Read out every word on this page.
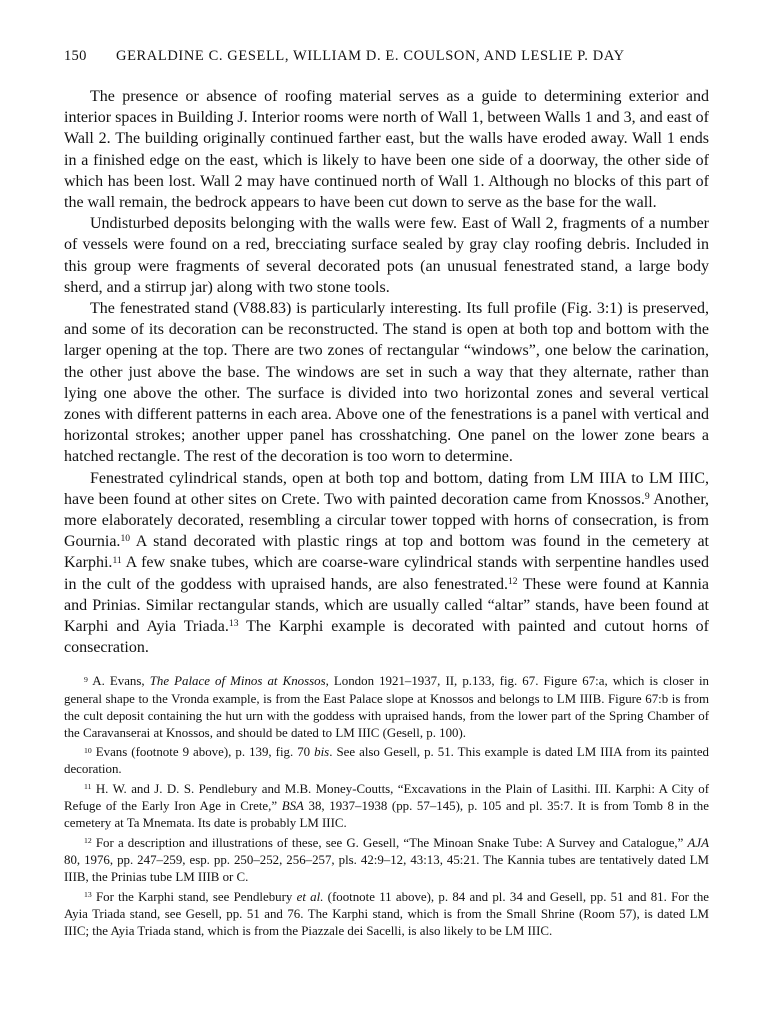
150	GERALDINE C. GESELL, WILLIAM D. E. COULSON, AND LESLIE P. DAY

The presence or absence of roofing material serves as a guide to determining exterior and interior spaces in Building J. Interior rooms were north of Wall 1, between Walls 1 and 3, and east of Wall 2. The building originally continued farther east, but the walls have eroded away. Wall 1 ends in a finished edge on the east, which is likely to have been one side of a doorway, the other side of which has been lost. Wall 2 may have continued north of Wall 1. Although no blocks of this part of the wall remain, the bedrock appears to have been cut down to serve as the base for the wall.

Undisturbed deposits belonging with the walls were few. East of Wall 2, fragments of a number of vessels were found on a red, brecciating surface sealed by gray clay roofing debris. Included in this group were fragments of several decorated pots (an unusual fenestrated stand, a large body sherd, and a stirrup jar) along with two stone tools.

The fenestrated stand (V88.83) is particularly interesting. Its full profile (Fig. 3:1) is preserved, and some of its decoration can be reconstructed. The stand is open at both top and bottom with the larger opening at the top. There are two zones of rectangular “windows”, one below the carination, the other just above the base. The windows are set in such a way that they alternate, rather than lying one above the other. The surface is divided into two horizontal zones and several vertical zones with different patterns in each area. Above one of the fenestrations is a panel with vertical and horizontal strokes; another upper panel has crosshatching. One panel on the lower zone bears a hatched rectangle. The rest of the decoration is too worn to determine.

Fenestrated cylindrical stands, open at both top and bottom, dating from LM IIIA to LM IIIC, have been found at other sites on Crete. Two with painted decoration came from Knossos.$^9$ Another, more elaborately decorated, resembling a circular tower topped with horns of consecration, is from Gournia.$^{10}$ A stand decorated with plastic rings at top and bottom was found in the cemetery at Karphi.$^{11}$ A few snake tubes, which are coarse-ware cylindrical stands with serpentine handles used in the cult of the goddess with upraised hands, are also fenestrated.$^{12}$ These were found at Kannia and Prinias. Similar rectangular stands, which are usually called “altar” stands, have been found at Karphi and Ayia Triada.$^{13}$ The Karphi example is decorated with painted and cutout horns of consecration.

$^9$ A. Evans, The Palace of Minos at Knossos, London 1921–1937, II, p.133, fig. 67. Figure 67:a, which is closer in general shape to the Vronda example, is from the East Palace slope at Knossos and belongs to LM IIIB. Figure 67:b is from the cult deposit containing the hut urn with the goddess with upraised hands, from the lower part of the Spring Chamber of the Caravanserai at Knossos, and should be dated to LM IIIC (Gesell, p. 100).

$^{10}$ Evans (footnote 9 above), p. 139, fig. 70 bis. See also Gesell, p. 51. This example is dated LM IIIA from its painted decoration.

$^{11}$ H. W. and J. D. S. Pendlebury and M.B. Money-Coutts, “Excavations in the Plain of Lasithi. III. Karphi: A City of Refuge of the Early Iron Age in Crete,” BSA 38, 1937–1938 (pp. 57–145), p. 105 and pl. 35:7. It is from Tomb 8 in the cemetery at Ta Mnemata. Its date is probably LM IIIC.

$^{12}$ For a description and illustrations of these, see G. Gesell, “The Minoan Snake Tube: A Survey and Catalogue,” AJA 80, 1976, pp. 247–259, esp. pp. 250–252, 256–257, pls. 42:9–12, 43:13, 45:21. The Kannia tubes are tentatively dated LM IIIB, the Prinias tube LM IIIB or C.

$^{13}$ For the Karphi stand, see Pendlebury et al. (footnote 11 above), p. 84 and pl. 34 and Gesell, pp. 51 and 81. For the Ayia Triada stand, see Gesell, pp. 51 and 76. The Karphi stand, which is from the Small Shrine (Room 57), is dated LM IIIC; the Ayia Triada stand, which is from the Piazzale dei Sacelli, is also likely to be LM IIIC.
